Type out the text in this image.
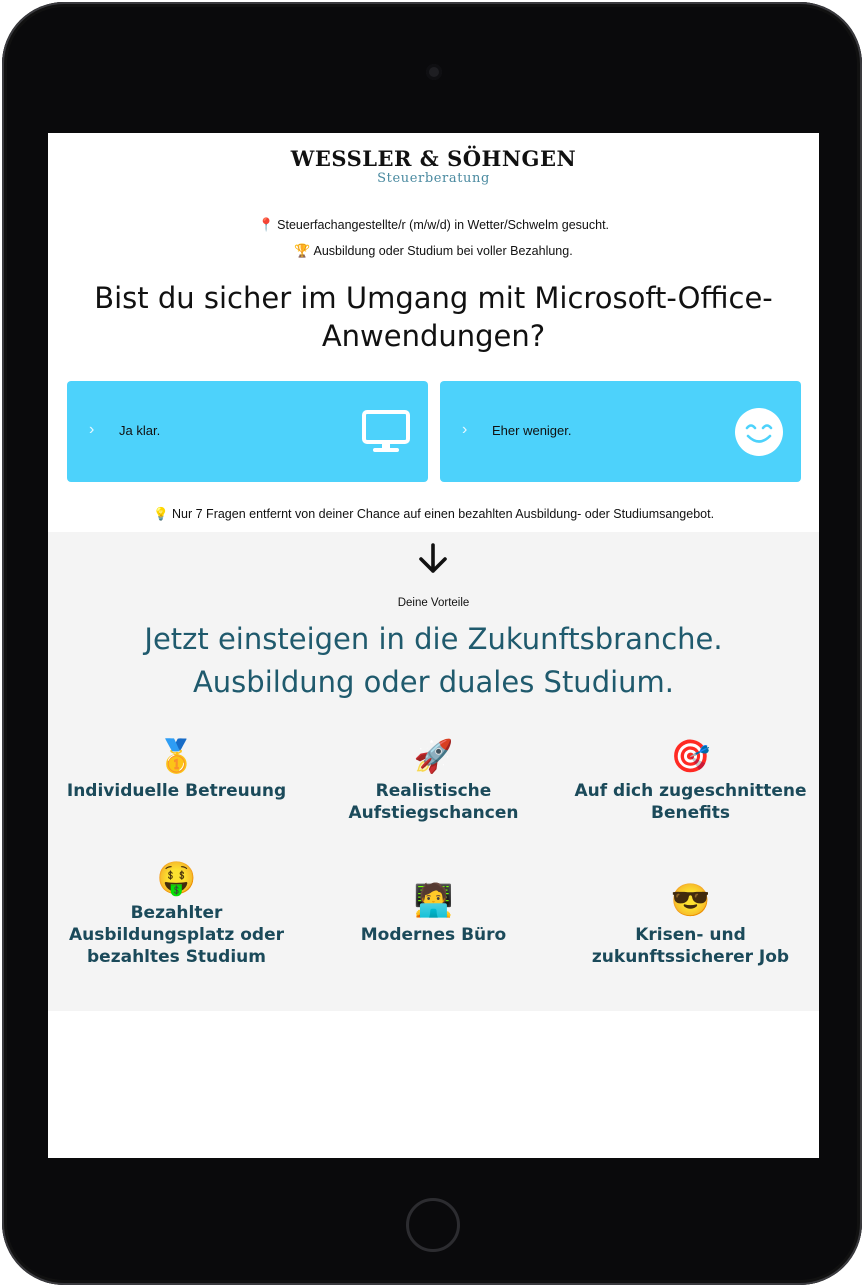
WESSLER & SÖHNGEN
Steuerberatung
📍 Steuerfachangestellte/r (m/w/d) in Wetter/Schwelm gesucht.
🏆 Ausbildung oder Studium bei voller Bezahlung.
Bist du sicher im Umgang mit Microsoft-Office-Anwendungen?
› Ja klar.	› Eher weniger.
💡 Nur 7 Fragen entfernt von deiner Chance auf einen bezahlten Ausbildung- oder Studiumsangebot.
Deine Vorteile
Jetzt einsteigen in die Zukunftsbranche.
Ausbildung oder duales Studium.
🥇
Individuelle Betreuung
🚀
Realistische Aufstiegschancen
🎯
Auf dich zugeschnittene Benefits
🤑
Bezahlter Ausbildungsplatz oder bezahltes Studium
🧑‍💻
Modernes Büro
😎
Krisen- und zukunftssicherer Job
